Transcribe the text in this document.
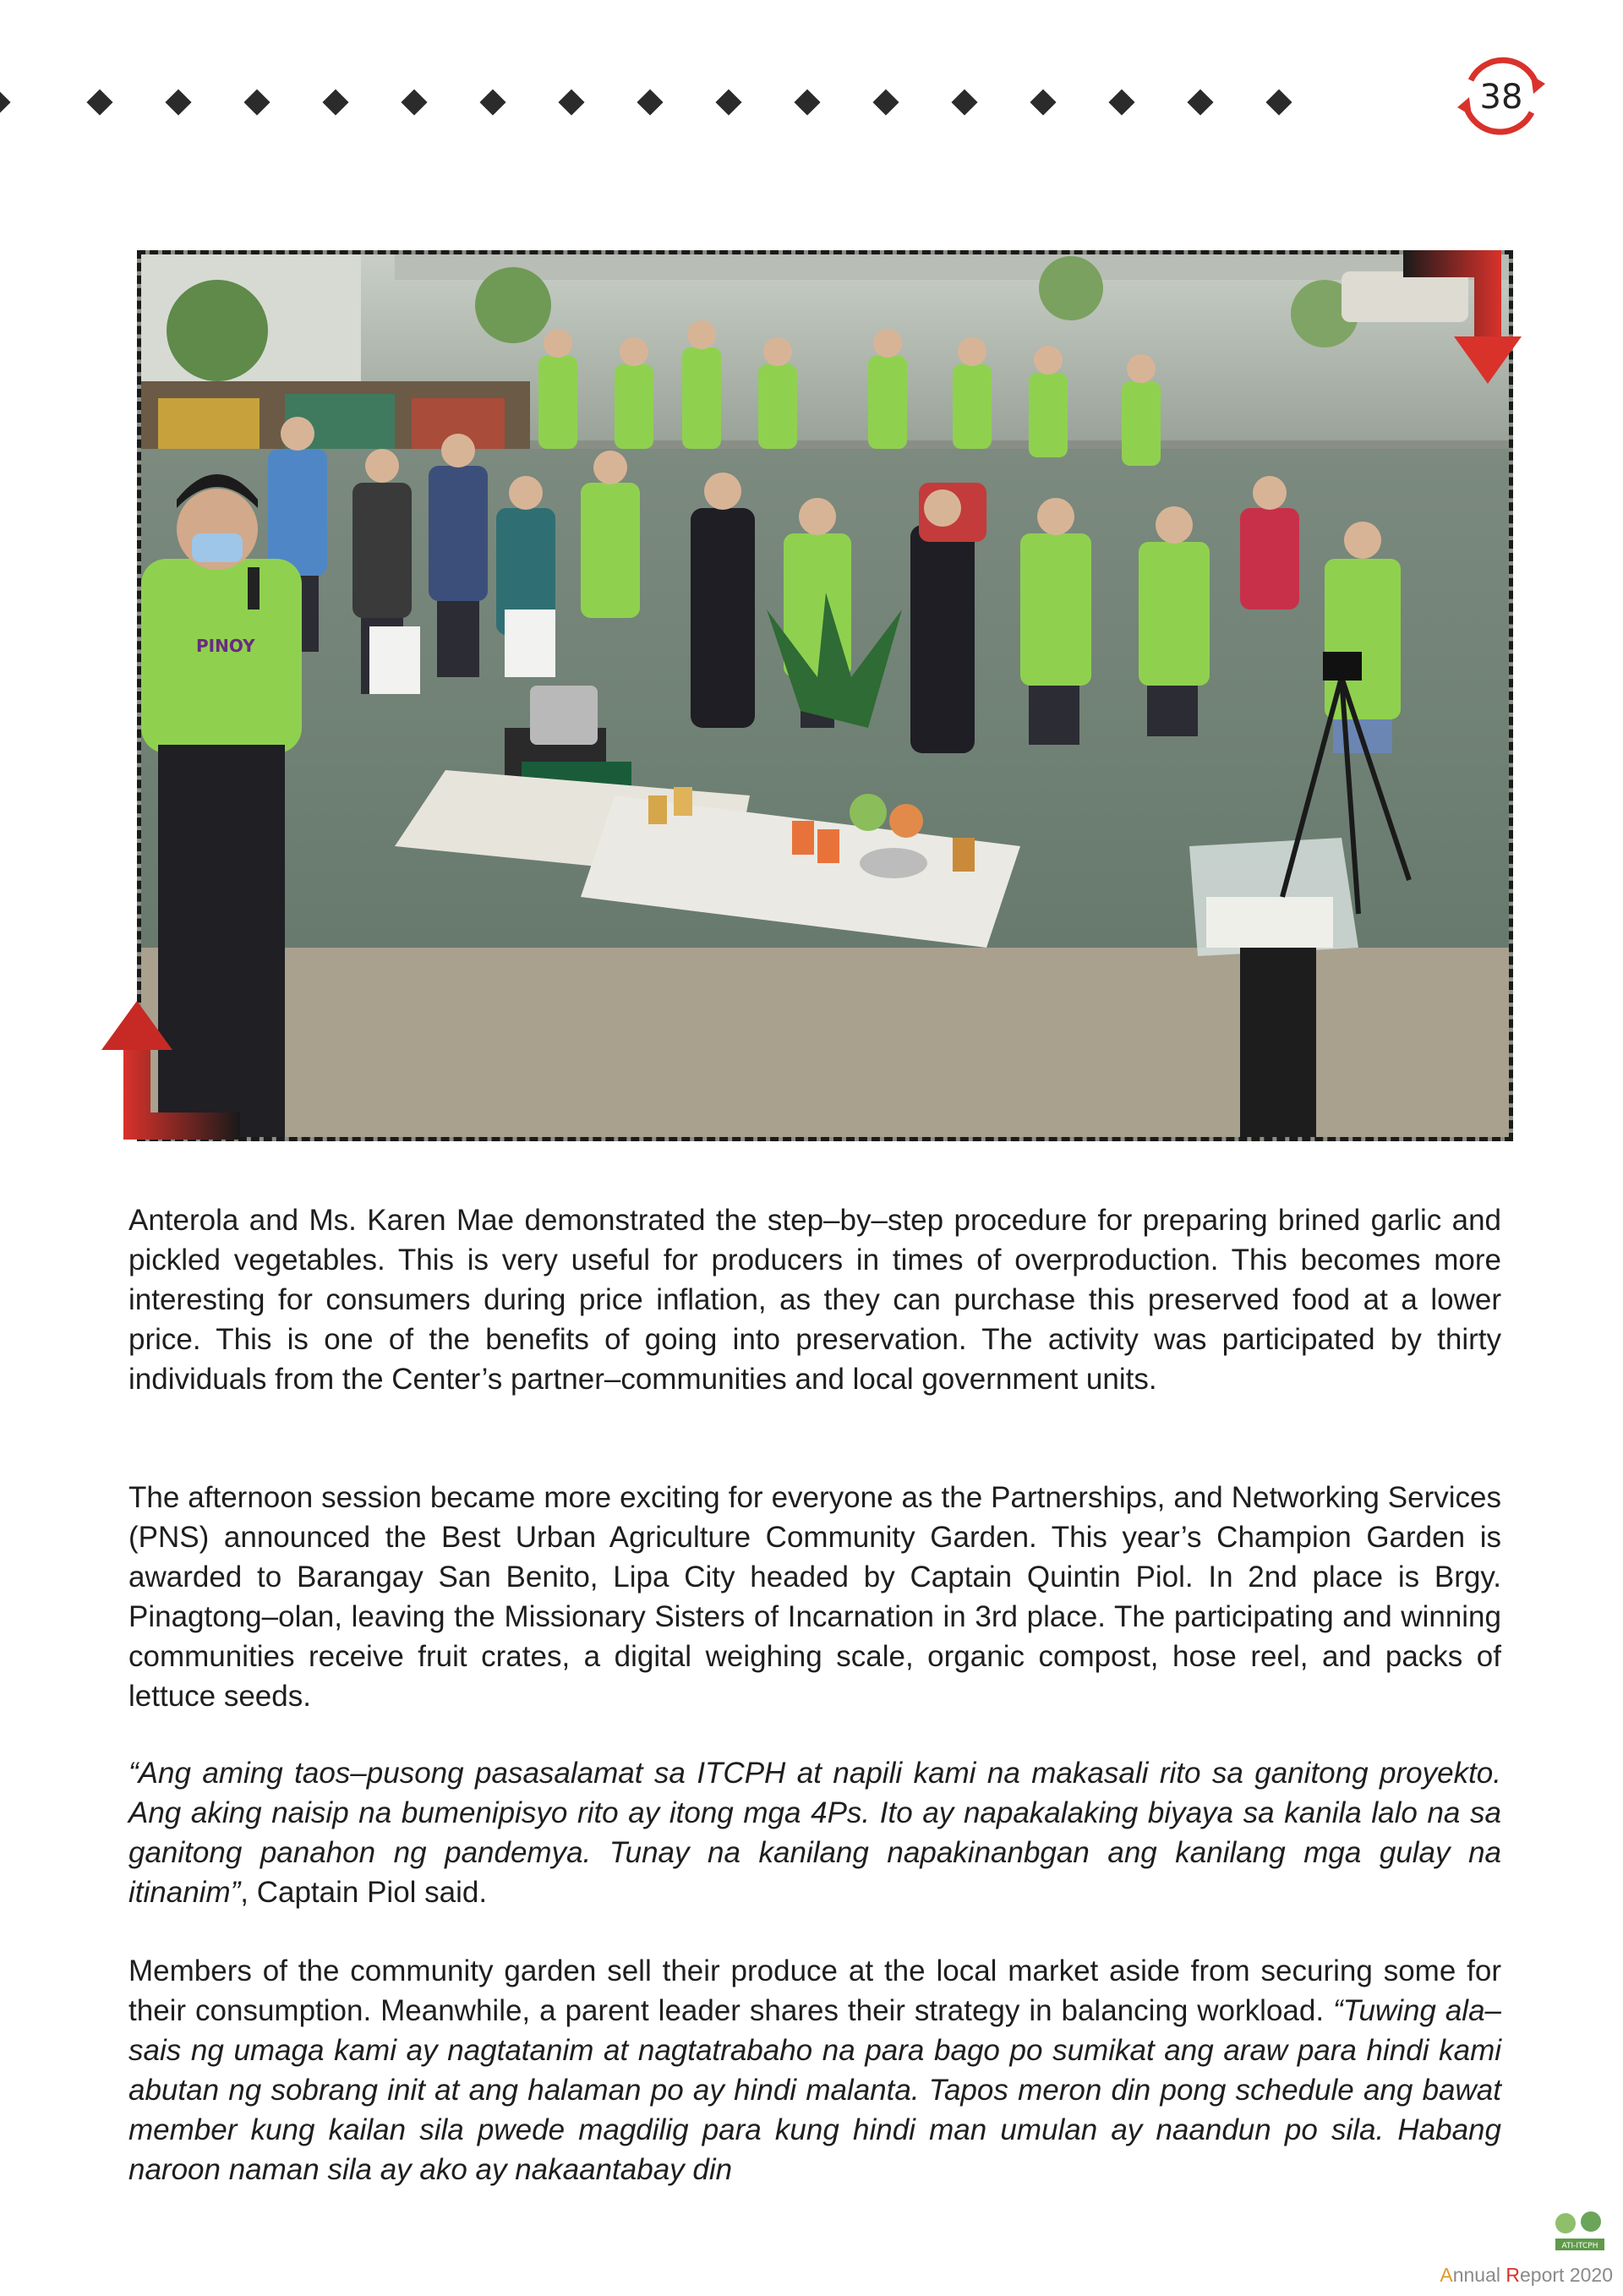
38
PINOY

Anterola and Ms. Karen Mae demonstrated the step–by–step procedure for preparing brined garlic and pickled vegetables. This is very useful for producers in times of overproduction. This becomes more interesting for consumers during price inflation, as they can purchase this preserved food at a lower price. This is one of the benefits of going into preservation. The activity was participated by thirty individuals from the Center’s partner–communities and local government units.

The afternoon session became more exciting for everyone as the Partnerships, and Networking Services (PNS) announced the Best Urban Agriculture Community Garden. This year’s Champion Garden is awarded to Barangay San Benito, Lipa City headed by Captain Quintin Piol. In 2nd place is Brgy. Pinagtong–olan, leaving the Missionary Sisters of Incarnation in 3rd place. The participating and winning communities receive fruit crates, a digital weighing scale, organic compost, hose reel, and packs of lettuce seeds.

“Ang aming taos–pusong pasasalamat sa ITCPH at napili kami na makasali rito sa ganitong proyekto. Ang aking naisip na bumenipisyo rito ay itong mga 4Ps. Ito ay napakalaking biyaya sa kanila lalo na sa ganitong panahon ng pandemya. Tunay na kanilang napakinanbgan ang kanilang mga gulay na itinanim”, Captain Piol said.

Members of the community garden sell their produce at the local market aside from securing some for their consumption. Meanwhile, a parent leader shares their strategy in balancing workload. “Tuwing ala–sais ng umaga kami ay nagtatanim at nagtatrabaho na para bago po sumikat ang araw para hindi kami abutan ng sobrang init at ang halaman po ay hindi malanta. Tapos meron din pong schedule ang bawat member kung kailan sila pwede magdilig para kung hindi man umulan ay naandun po sila. Habang naroon naman sila ay ako ay nakaantabay din

ATI-ITCPH
Annual Report 2020
